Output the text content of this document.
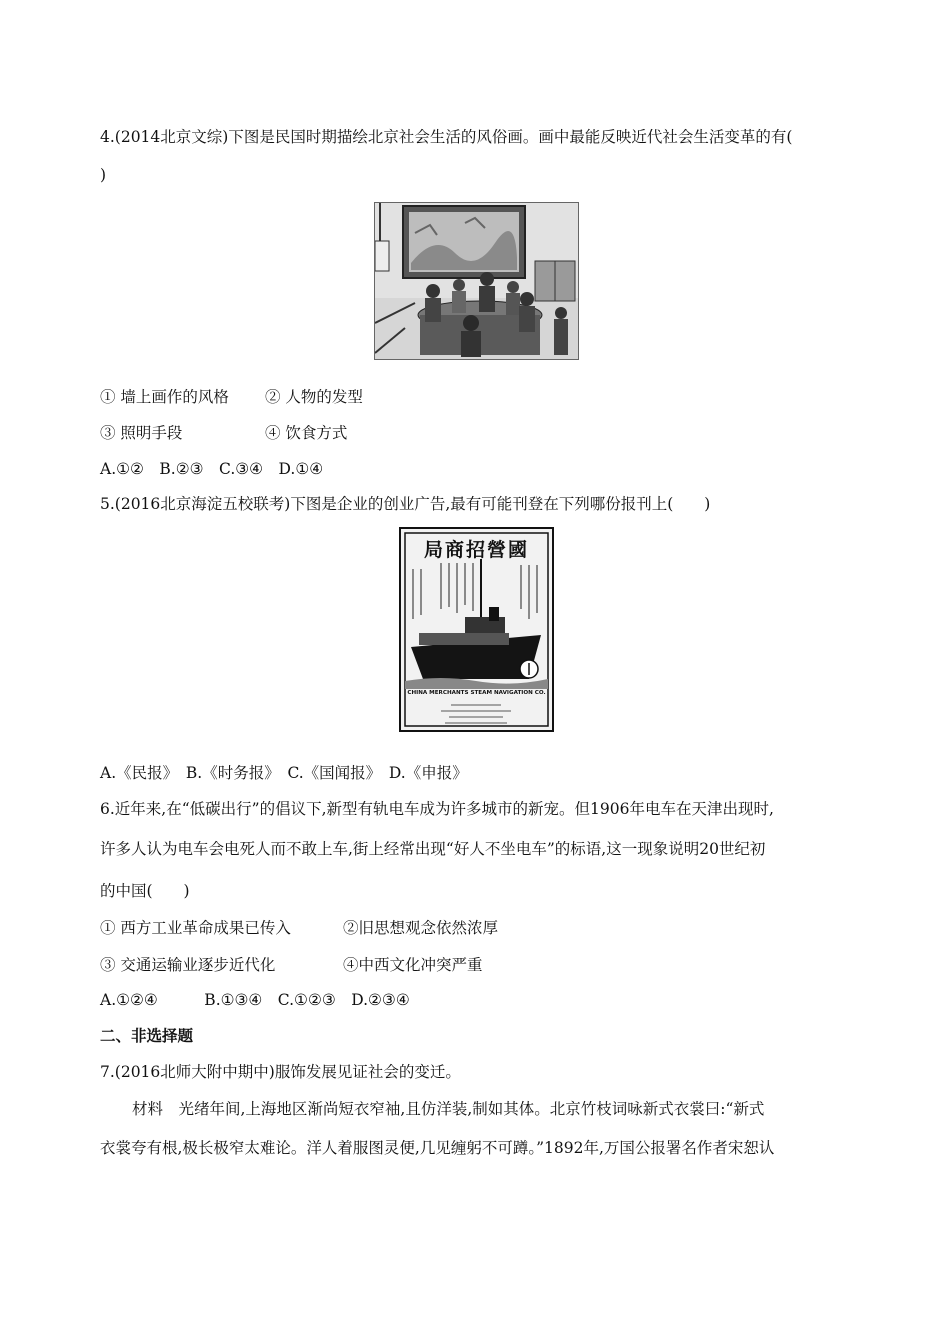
4.(2014北京文综)下图是民国时期描绘北京社会生活的风俗画。画中最能反映近代社会生活变革的有(
)
① 墙上画作的风格 ② 人物的发型
③ 照明手段	④ 饮食方式
A.①②　B.②③　C.③④　D.①④
5.(2016北京海淀五校联考)下图是企业的创业广告,最有可能刊登在下列哪份报刊上(　　)
局商招營國
CHINA MERCHANTS STEAM NAVIGATION CO.
A.《民报》　B.《时务报》　C.《国闻报》　D.《申报》
6.近年来,在“低碳出行”的倡议下,新型有轨电车成为许多城市的新宠。但1906年电车在天津出现时,
许多人认为电车会电死人而不敢上车,街上经常出现“好人不坐电车”的标语,这一现象说明20世纪初
的中国(　　)
① 西方工业革命成果已传入	②旧思想观念依然浓厚
③ 交通运输业逐步近代化	④中西文化冲突严重
A.①②④　　　B.①③④　C.①②③　D.②③④
二、非选择题
7.(2016北师大附中期中)服饰发展见证社会的变迁。
材料　光绪年间,上海地区渐尚短衣窄袖,且仿洋装,制如其体。北京竹枝词咏新式衣裳曰:“新式
衣裳夸有根,极长极窄太难论。洋人着服图灵便,几见缠躬不可蹲。”1892年,万国公报署名作者宋恕认
